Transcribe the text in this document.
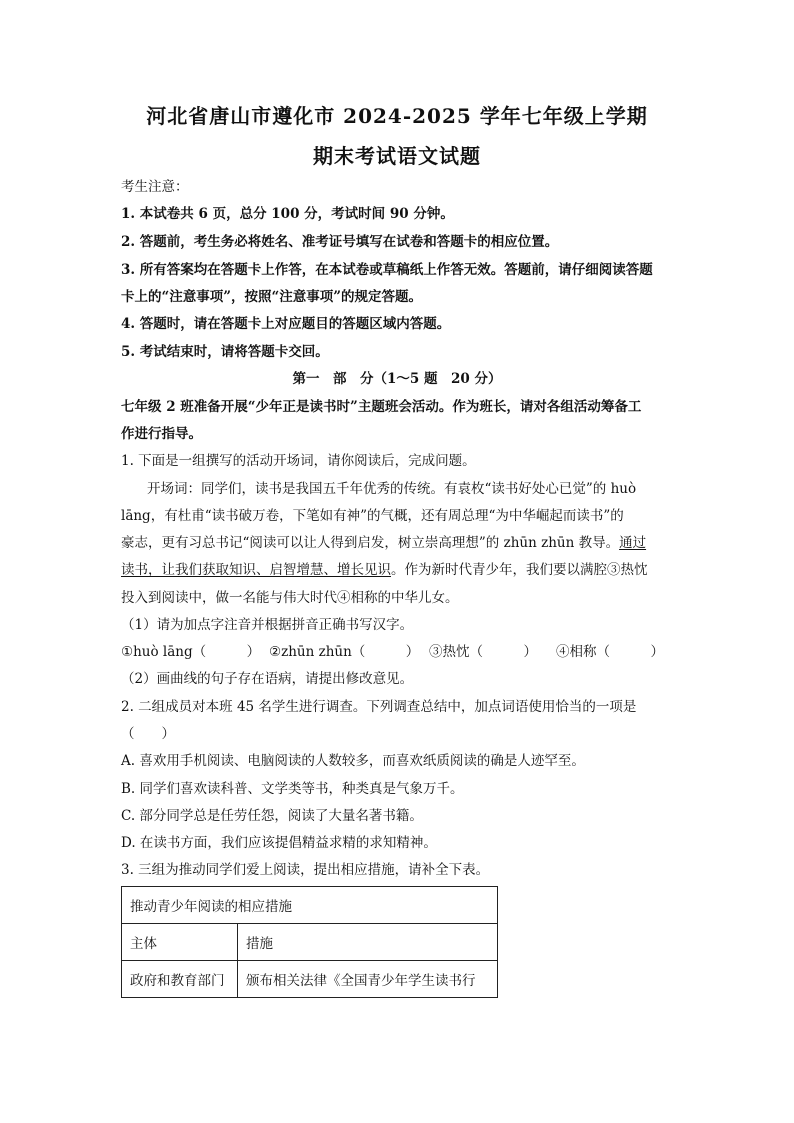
河北省唐山市遵化市 2024-2025 学年七年级上学期
期末考试语文试题
考生注意：
1. 本试卷共 6 页，总分 100 分，考试时间 90 分钟。
2. 答题前，考生务必将姓名、准考证号填写在试卷和答题卡的相应位置。
3. 所有答案均在答题卡上作答，在本试卷或草稿纸上作答无效。答题前，请仔细阅读答题
卡上的“注意事项”，按照“注意事项”的规定答题。
4. 答题时，请在答题卡上对应题目的答题区域内答题。
5. 考试结束时，请将答题卡交回。
第一　部　分（1～5 题　20 分）
七年级 2 班准备开展“少年正是读书时”主题班会活动。作为班长，请对各组活动筹备工
作进行指导。
1. 下面是一组撰写的活动开场词，请你阅读后，完成问题。
开场词：同学们，读书是我国五千年优秀的传统。有袁枚“读书好处心已觉”的 huò
lāng，有杜甫“读书破万卷，下笔如有神”的气概，还有周总理“为中华崛起而读书”的
豪志，更有习总书记“阅读可以让人得到启发，树立崇高理想”的 zhūn zhūn 教导。通过
读书，让我们获取知识、启智增慧、增长见识。作为新时代青少年，我们要以满腔③热忱
投入到阅读中，做一名能与伟大时代④相称的中华儿女。
（1）请为加点字注音并根据拼音正确书写汉字。
①huò lāng（　　　） ②zhūn zhūn（　　　） ③热忱（　　　） ④相称（　　　）
（2）画曲线的句子存在语病，请提出修改意见。
2. 二组成员对本班 45 名学生进行调查。下列调查总结中，加点词语使用恰当的一项是
（　　）
A. 喜欢用手机阅读、电脑阅读的人数较多，而喜欢纸质阅读的确是人迹罕至。
B. 同学们喜欢读科普、文学类等书，种类真是气象万千。
C. 部分同学总是任劳任怨，阅读了大量名著书籍。
D. 在读书方面，我们应该提倡精益求精的求知精神。
3. 三组为推动同学们爱上阅读，提出相应措施，请补全下表。
推动青少年阅读的相应措施	
主体	措施
政府和教育部门	颁布相关法律《全国青少年学生读书行
